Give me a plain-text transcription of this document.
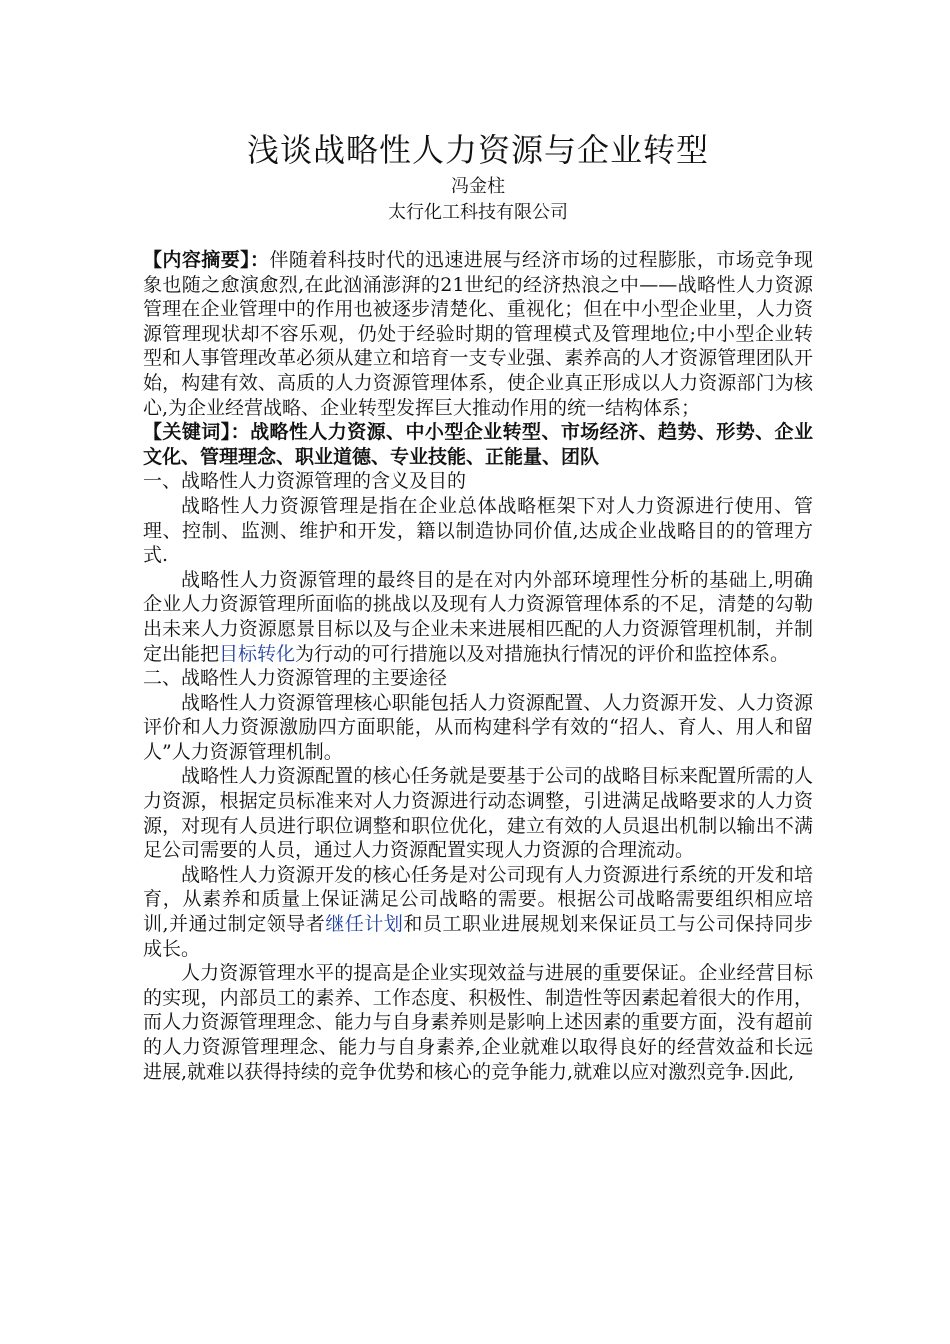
浅谈战略性人力资源与企业转型

冯金柱

太行化工科技有限公司

【内容摘要】：伴随着科技时代的迅速进展与经济市场的过程膨胀，市场竞争现象也随之愈演愈烈,在此汹涌澎湃的21世纪的经济热浪之中——战略性人力资源管理在企业管理中的作用也被逐步清楚化、重视化；但在中小型企业里，人力资源管理现状却不容乐观，仍处于经验时期的管理模式及管理地位;中小型企业转型和人事管理改革必须从建立和培育一支专业强、素养高的人才资源管理团队开始，构建有效、高质的人力资源管理体系，使企业真正形成以人力资源部门为核心,为企业经营战略、企业转型发挥巨大推动作用的统一结构体系；

【关键词】：战略性人力资源、中小型企业转型、市场经济、趋势、形势、企业文化、管理理念、职业道德、专业技能、正能量、团队

一、战略性人力资源管理的含义及目的

战略性人力资源管理是指在企业总体战略框架下对人力资源进行使用、管理、控制、监测、维护和开发，籍以制造协同价值,达成企业战略目的的管理方式.

战略性人力资源管理的最终目的是在对内外部环境理性分析的基础上,明确企业人力资源管理所面临的挑战以及现有人力资源管理体系的不足，清楚的勾勒出未来人力资源愿景目标以及与企业未来进展相匹配的人力资源管理机制，并制定出能把目标转化为行动的可行措施以及对措施执行情况的评价和监控体系。

二、战略性人力资源管理的主要途径

战略性人力资源管理核心职能包括人力资源配置、人力资源开发、人力资源评价和人力资源激励四方面职能，从而构建科学有效的“招人、育人、用人和留人”人力资源管理机制。

战略性人力资源配置的核心任务就是要基于公司的战略目标来配置所需的人力资源，根据定员标准来对人力资源进行动态调整，引进满足战略要求的人力资源，对现有人员进行职位调整和职位优化，建立有效的人员退出机制以输出不满足公司需要的人员，通过人力资源配置实现人力资源的合理流动。

战略性人力资源开发的核心任务是对公司现有人力资源进行系统的开发和培育，从素养和质量上保证满足公司战略的需要。根据公司战略需要组织相应培训,并通过制定领导者继任计划和员工职业进展规划来保证员工与公司保持同步成长。

人力资源管理水平的提高是企业实现效益与进展的重要保证。企业经营目标的实现，内部员工的素养、工作态度、积极性、制造性等因素起着很大的作用，而人力资源管理理念、能力与自身素养则是影响上述因素的重要方面，没有超前的人力资源管理理念、能力与自身素养,企业就难以取得良好的经营效益和长远进展,就难以获得持续的竞争优势和核心的竞争能力,就难以应对激烈竞争.因此,
